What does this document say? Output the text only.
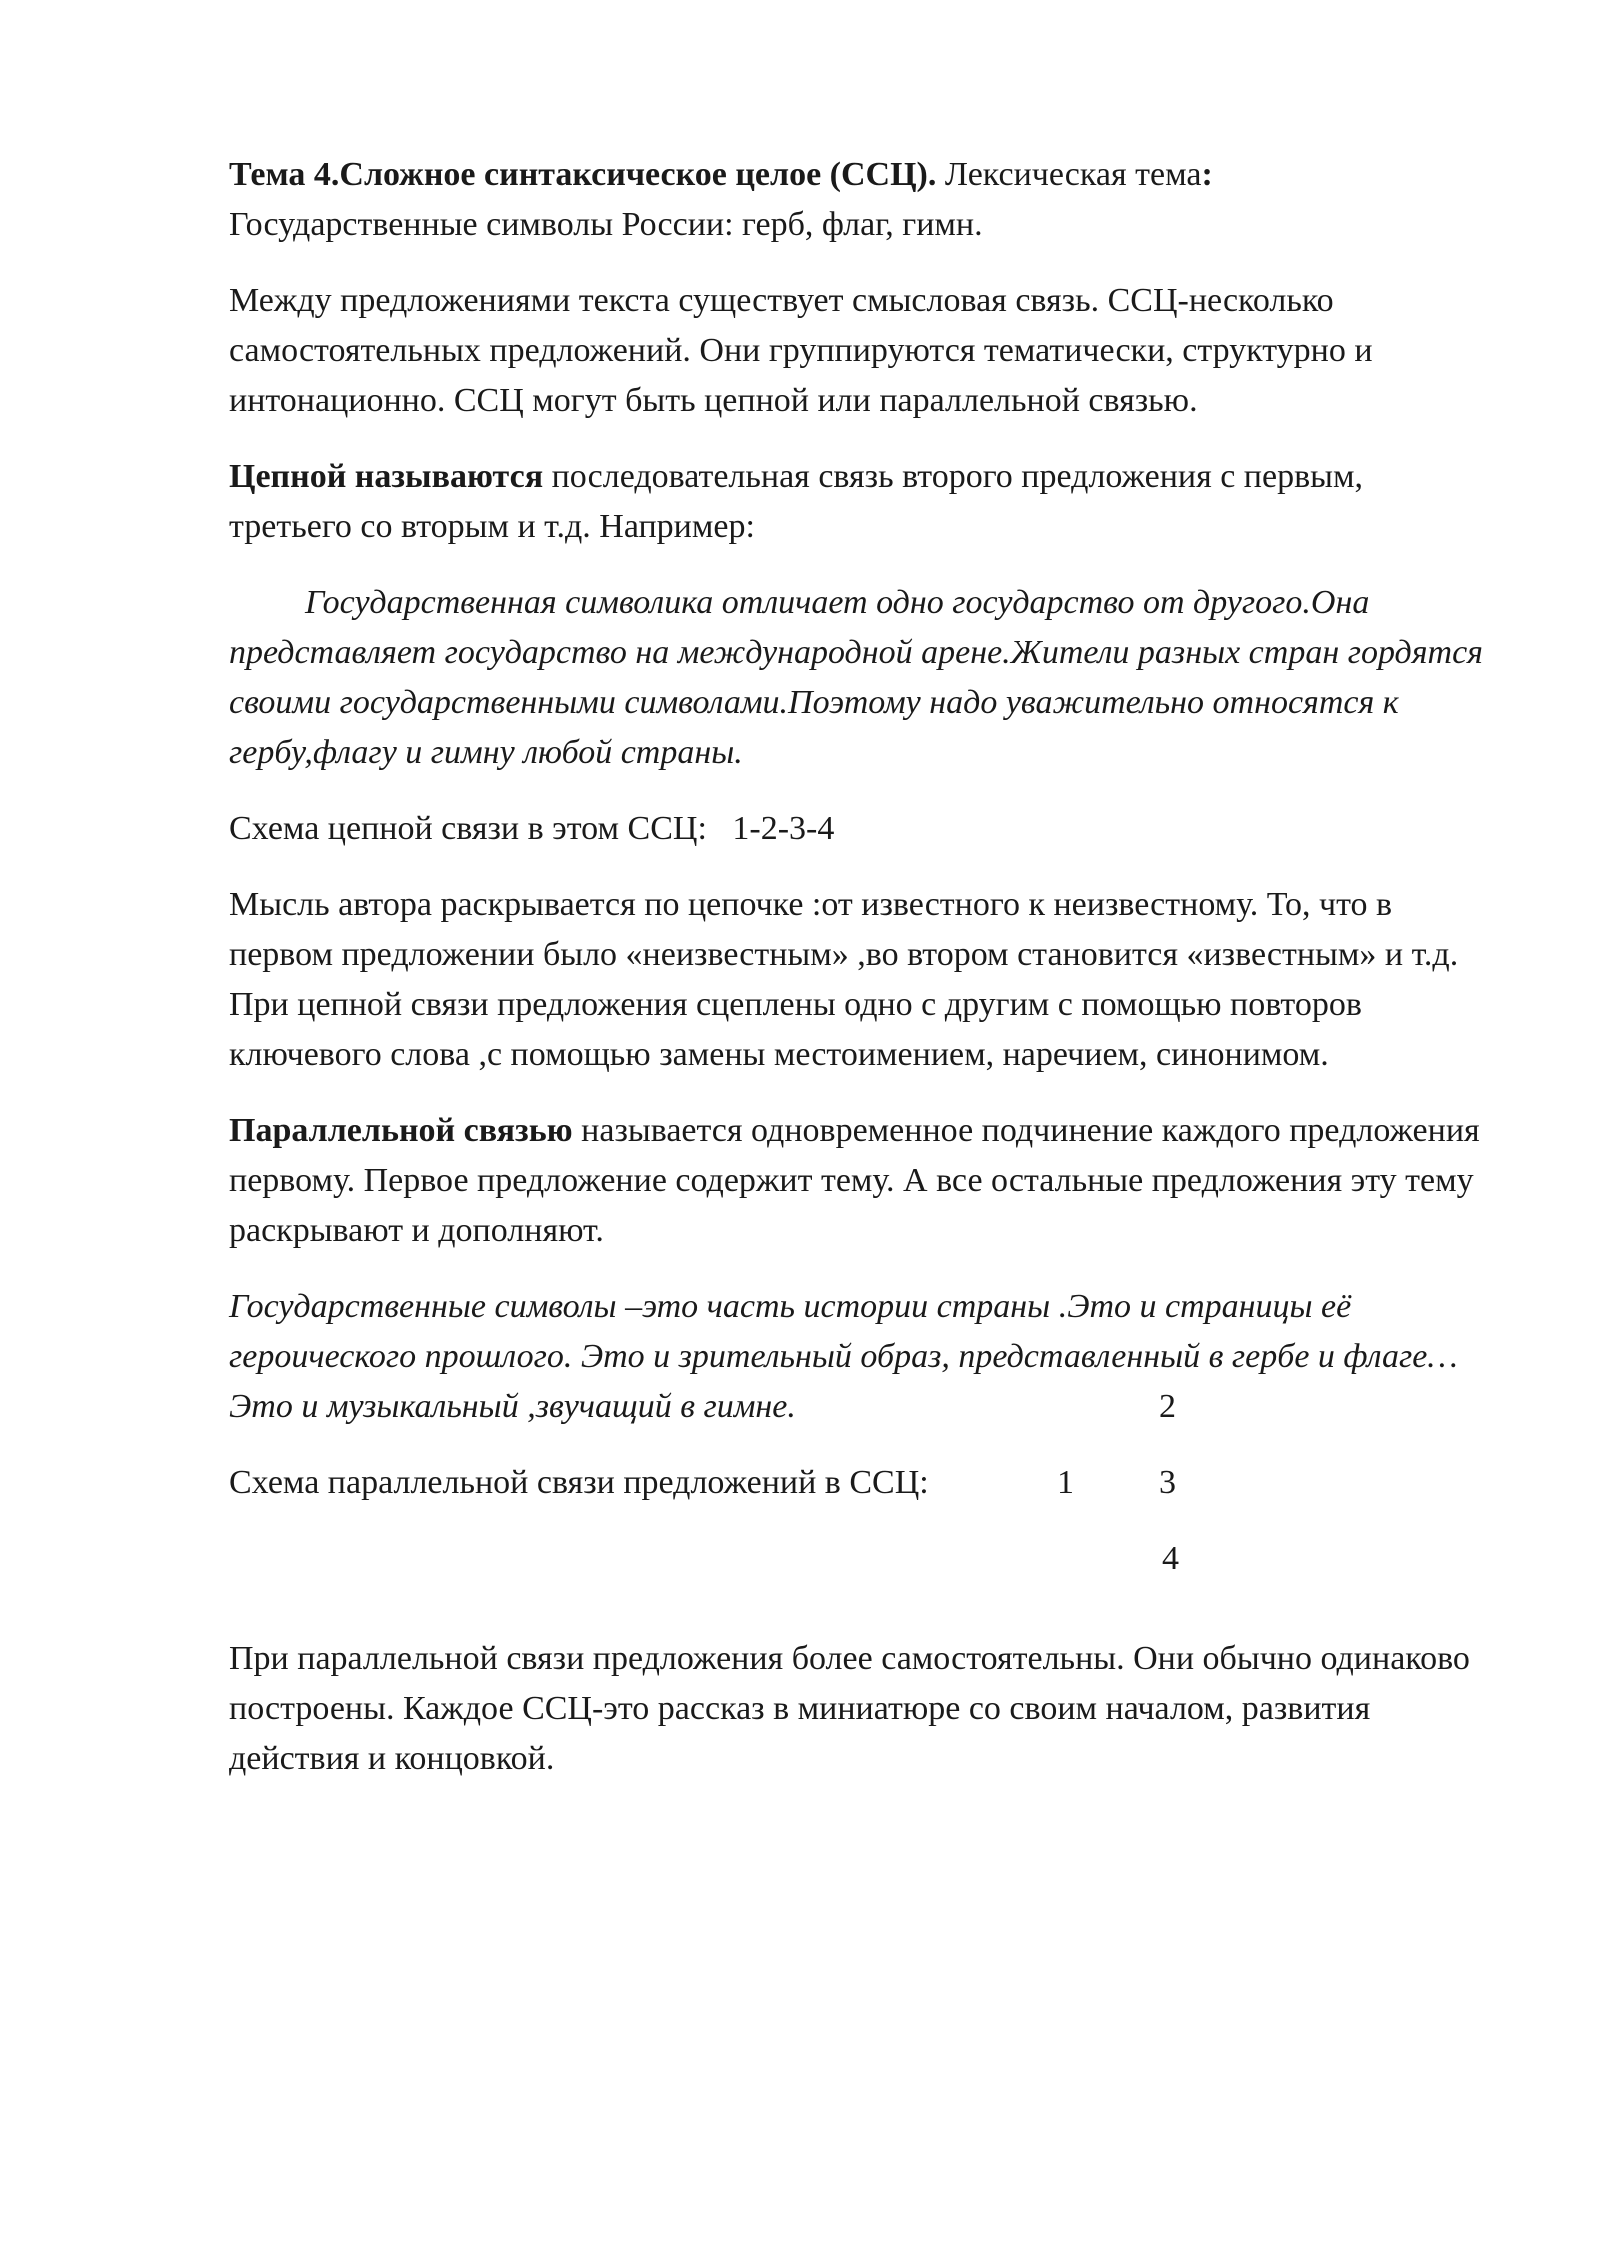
Тема 4.Сложное синтаксическое целое (ССЦ). Лексическая тема:
Государственные символы России: герб, флаг, гимн.

Между предложениями текста существует смысловая связь. ССЦ-несколько самостоятельных предложений. Они группируются тематически, структурно и интонационно. ССЦ могут быть цепной или параллельной связью.

Цепной называются последовательная связь второго предложения с первым, третьего со вторым и т.д. Например:

Государственная символика отличает одно государство от другого.Она представляет государство на международной арене.Жители разных стран гордятся своими государственными символами.Поэтому надо уважительно относятся к гербу,флагу и гимну любой страны.

Схема цепной связи в этом ССЦ:   1-2-3-4

Мысль автора раскрывается по цепочке :от известного к неизвестному. То, что в первом предложении было «неизвестным» ,во втором становится «известным» и т.д. При цепной связи предложения сцеплены одно с другим с помощью повторов ключевого слова ,с помощью замены местоимением, наречием, синонимом.

Параллельной связью называется одновременное подчинение каждого предложения первому. Первое предложение содержит тему. А все остальные предложения эту тему раскрывают и дополняют.

Государственные символы –это часть истории страны .Это и страницы её героического прошлого. Это и зрительный образ, представленный в гербе и флаге… Это и музыкальный ,звучащий в гимне.	2
Схема параллельной связи предложений в ССЦ:	1	3
4

При параллельной связи предложения более самостоятельны. Они обычно одинаково построены. Каждое ССЦ-это рассказ в миниатюре со своим началом, развития действия и концовкой.
